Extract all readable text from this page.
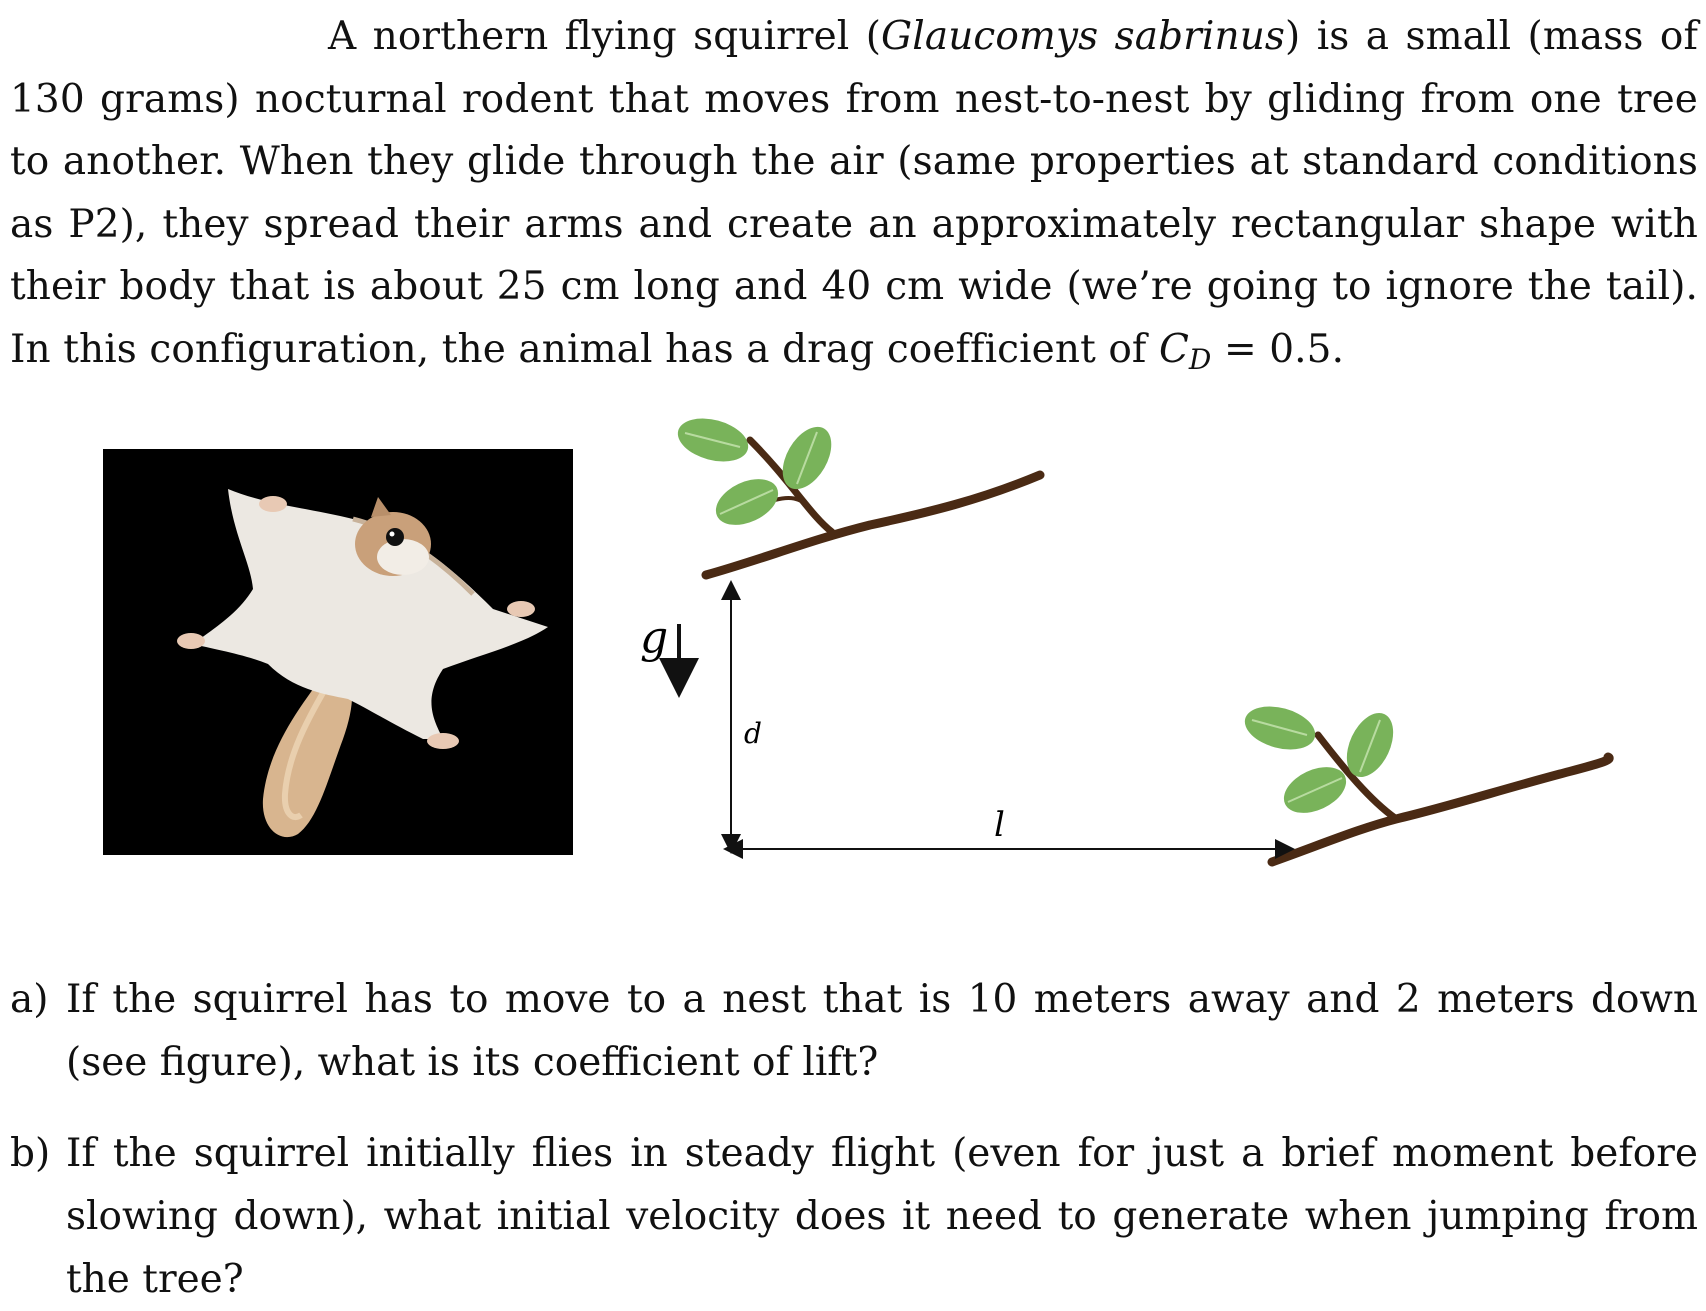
A northern flying squirrel (Glaucomys sabrinus) is a small (mass of 130 grams) nocturnal rodent that moves from nest-to-nest by gliding from one tree to another. When they glide through the air (same properties at standard conditions as P2), they spread their arms and create an approximately rectangular shape with their body that is about 25 cm long and 40 cm wide (we’re going to ignore the tail). In this configuration, the animal has a drag coefficient of $C_D = 0.5$.
g
d
l
a) If the squirrel has to move to a nest that is 10 meters away and 2 meters down (see figure), what is its coefficient of lift?
b) If the squirrel initially flies in steady flight (even for just a brief moment before slowing down), what initial velocity does it need to generate when jumping from the tree?
